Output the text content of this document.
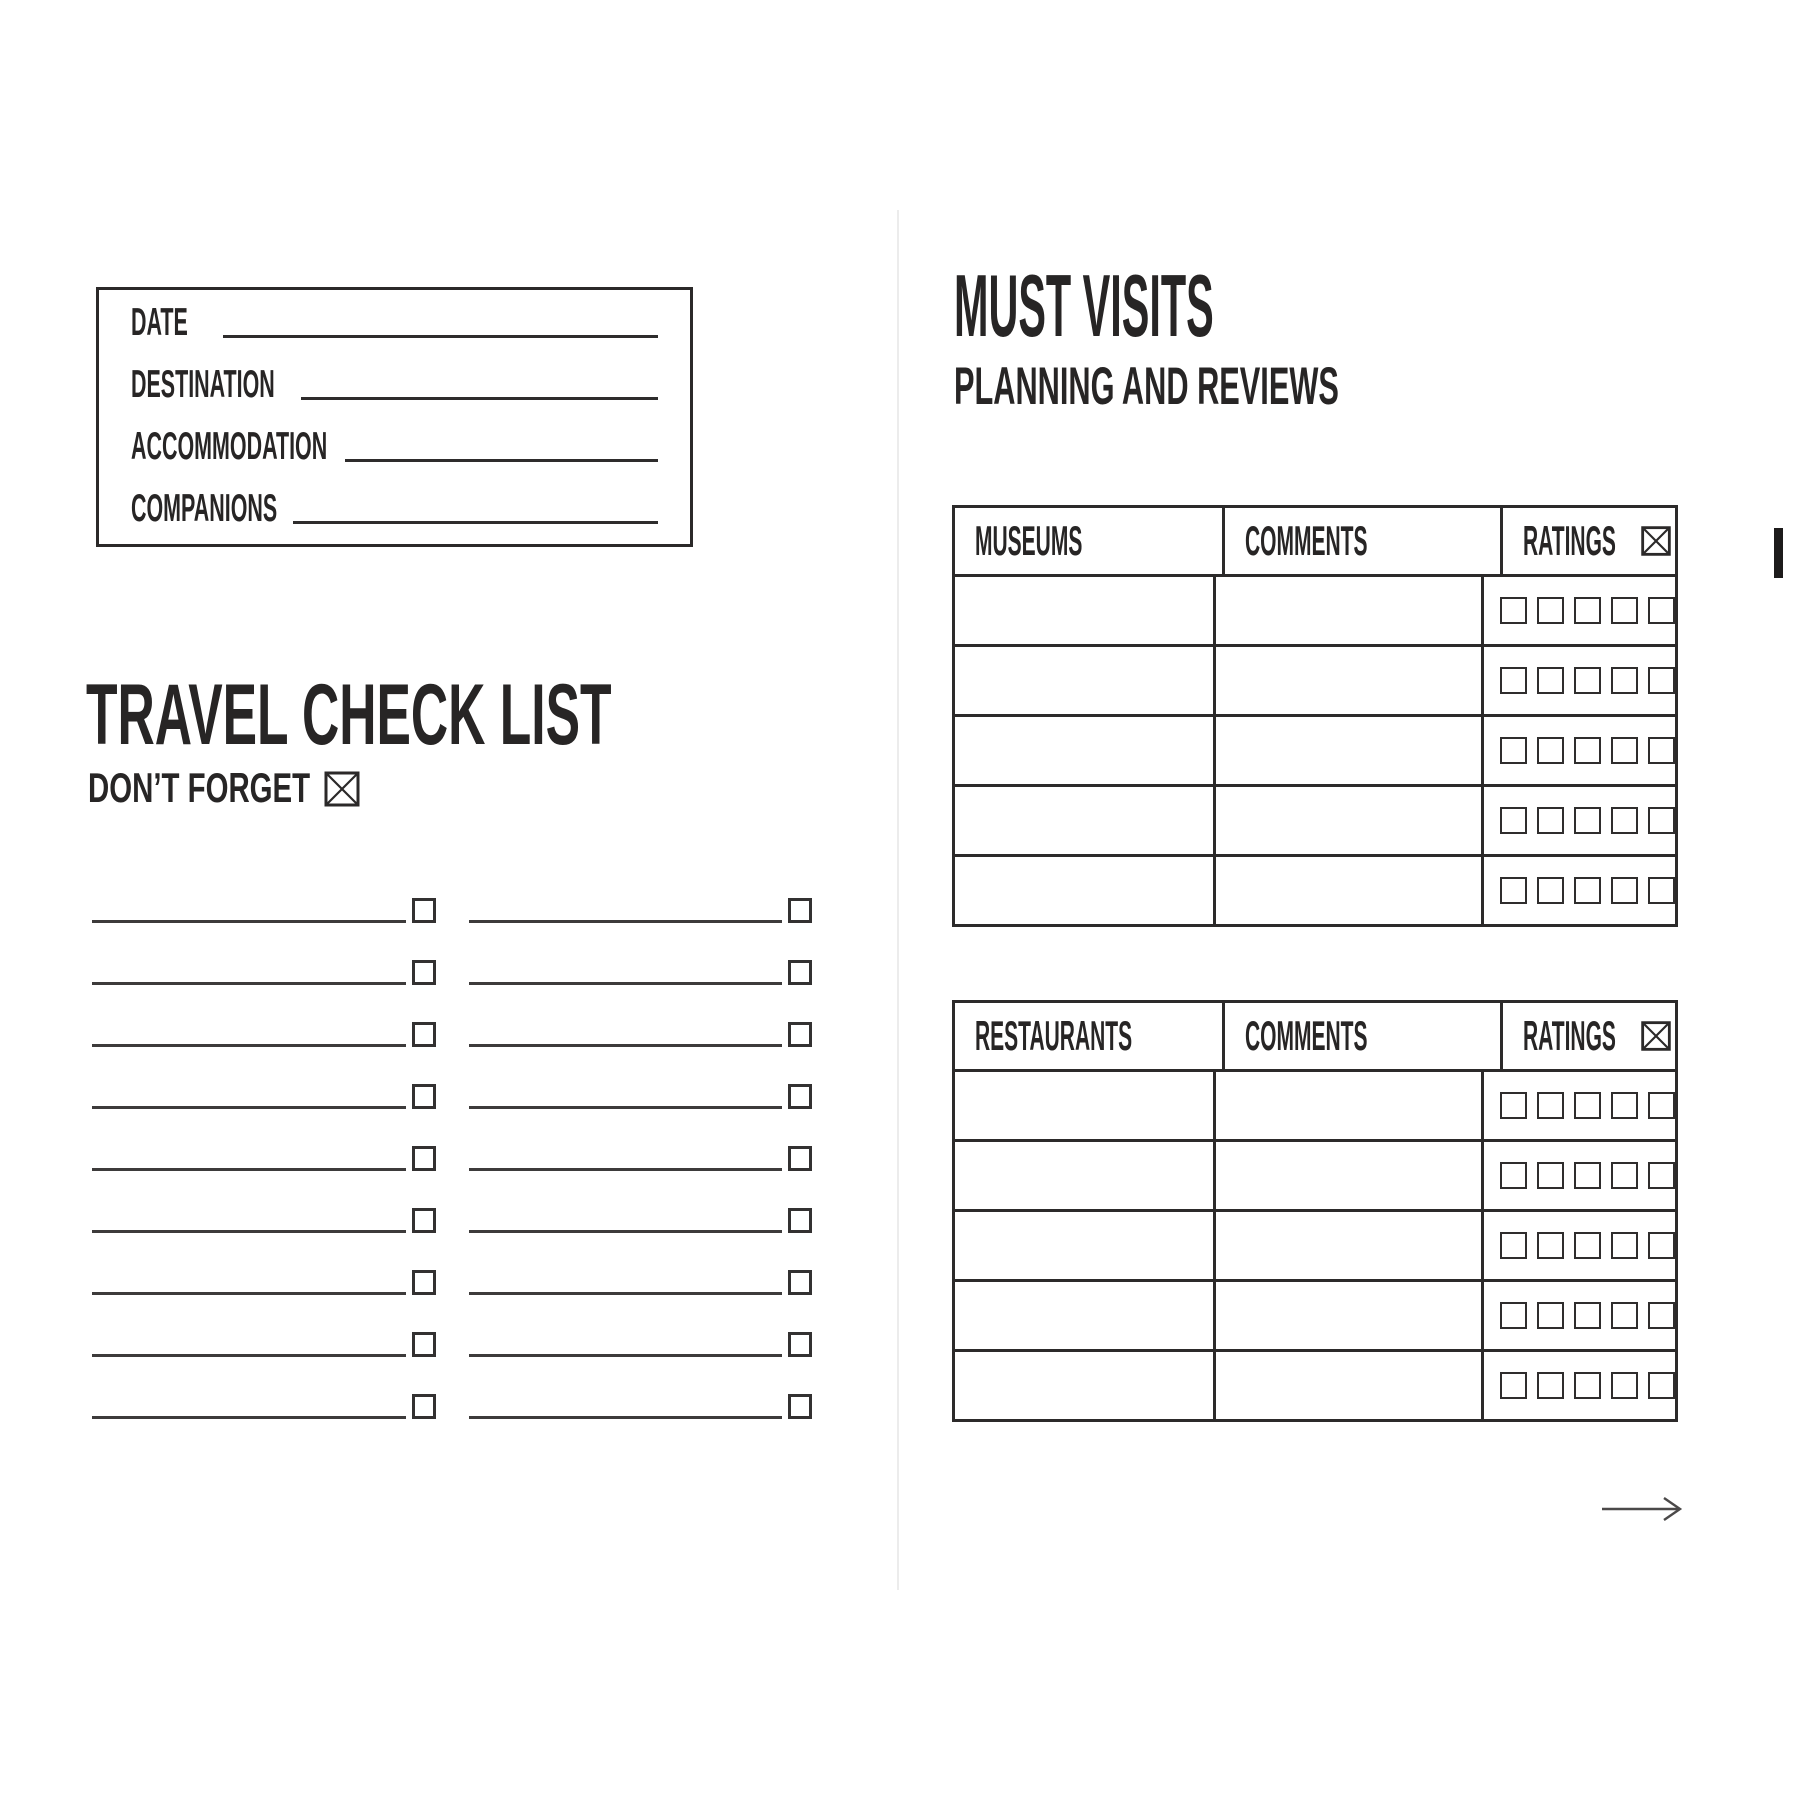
DATE
DESTINATION
ACCOMMODATION
COMPANIONS
TRAVEL CHECK LIST
DON’T FORGET
MUST VISITS
PLANNING AND REVIEWS
MUSEUMS	COMMENTS	RATINGS
RESTAURANTS	COMMENTS	RATINGS
